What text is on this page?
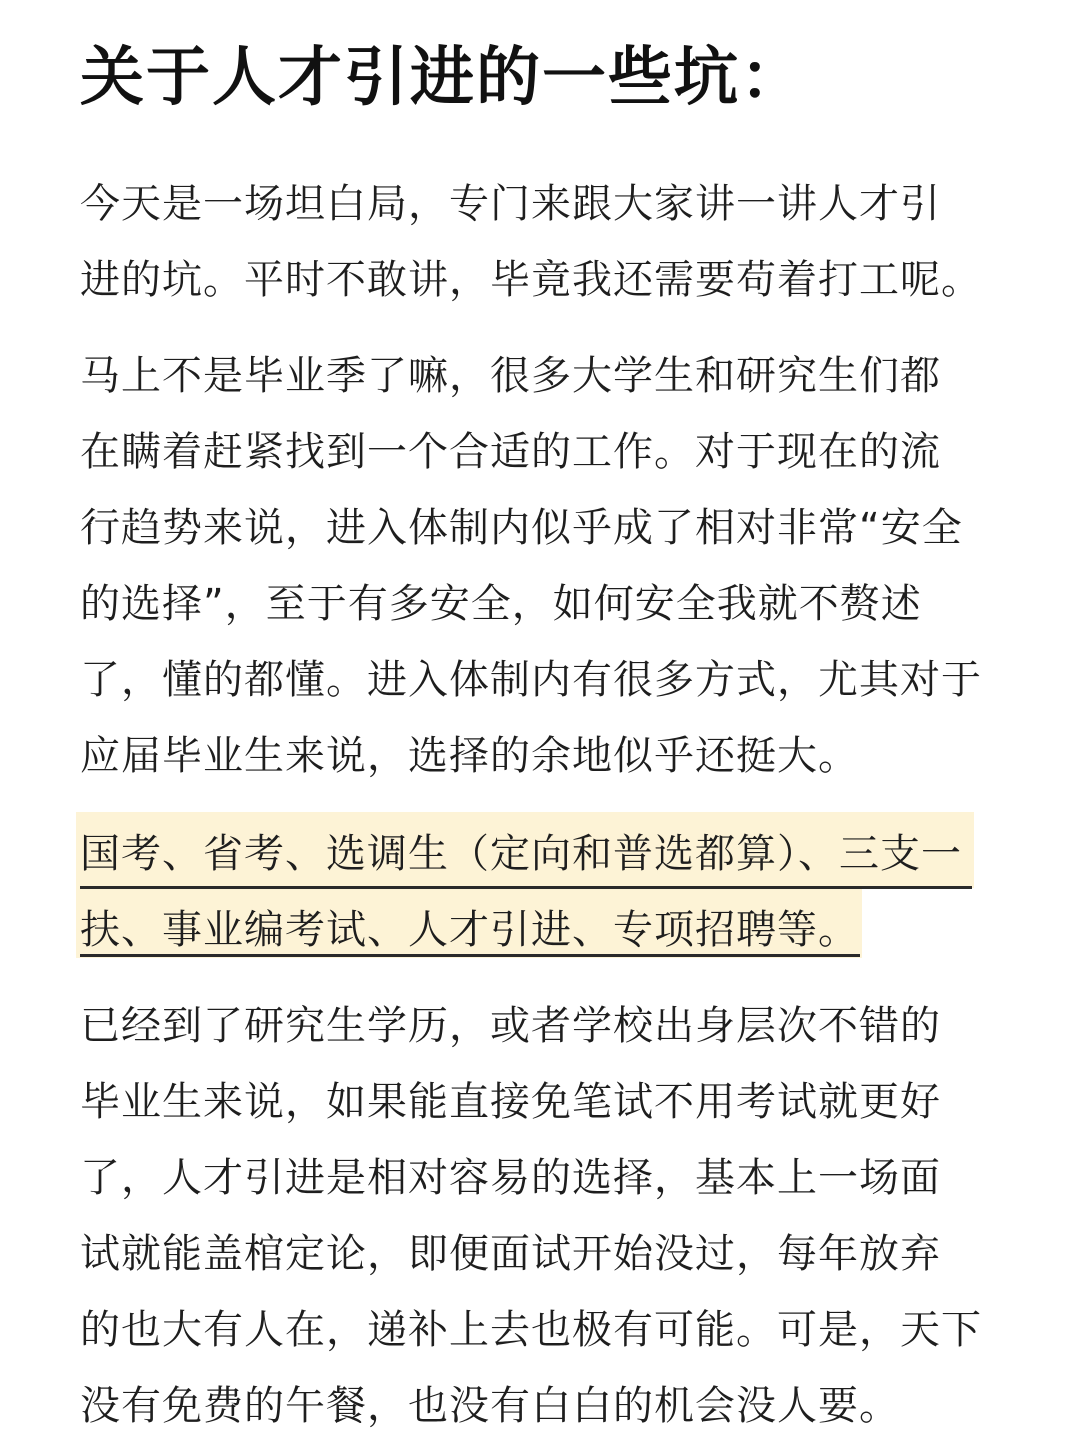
关于人才引进的一些坑：
今天是一场坦白局，专门来跟大家讲一讲人才引
进的坑。平时不敢讲，毕竟我还需要苟着打工呢。
马上不是毕业季了嘛，很多大学生和研究生们都
在瞒着赶紧找到一个合适的工作。对于现在的流
行趋势来说，进入体制内似乎成了相对非常“安全
的选择”，至于有多安全，如何安全我就不赘述
了，懂的都懂。进入体制内有很多方式，尤其对于
应届毕业生来说，选择的余地似乎还挺大。
国考、省考、选调生（定向和普选都算）、三支一
扶、事业编考试、人才引进、专项招聘等。
已经到了研究生学历，或者学校出身层次不错的
毕业生来说，如果能直接免笔试不用考试就更好
了，人才引进是相对容易的选择，基本上一场面
试就能盖棺定论，即便面试开始没过，每年放弃
的也大有人在，递补上去也极有可能。可是，天下
没有免费的午餐，也没有白白的机会没人要。
